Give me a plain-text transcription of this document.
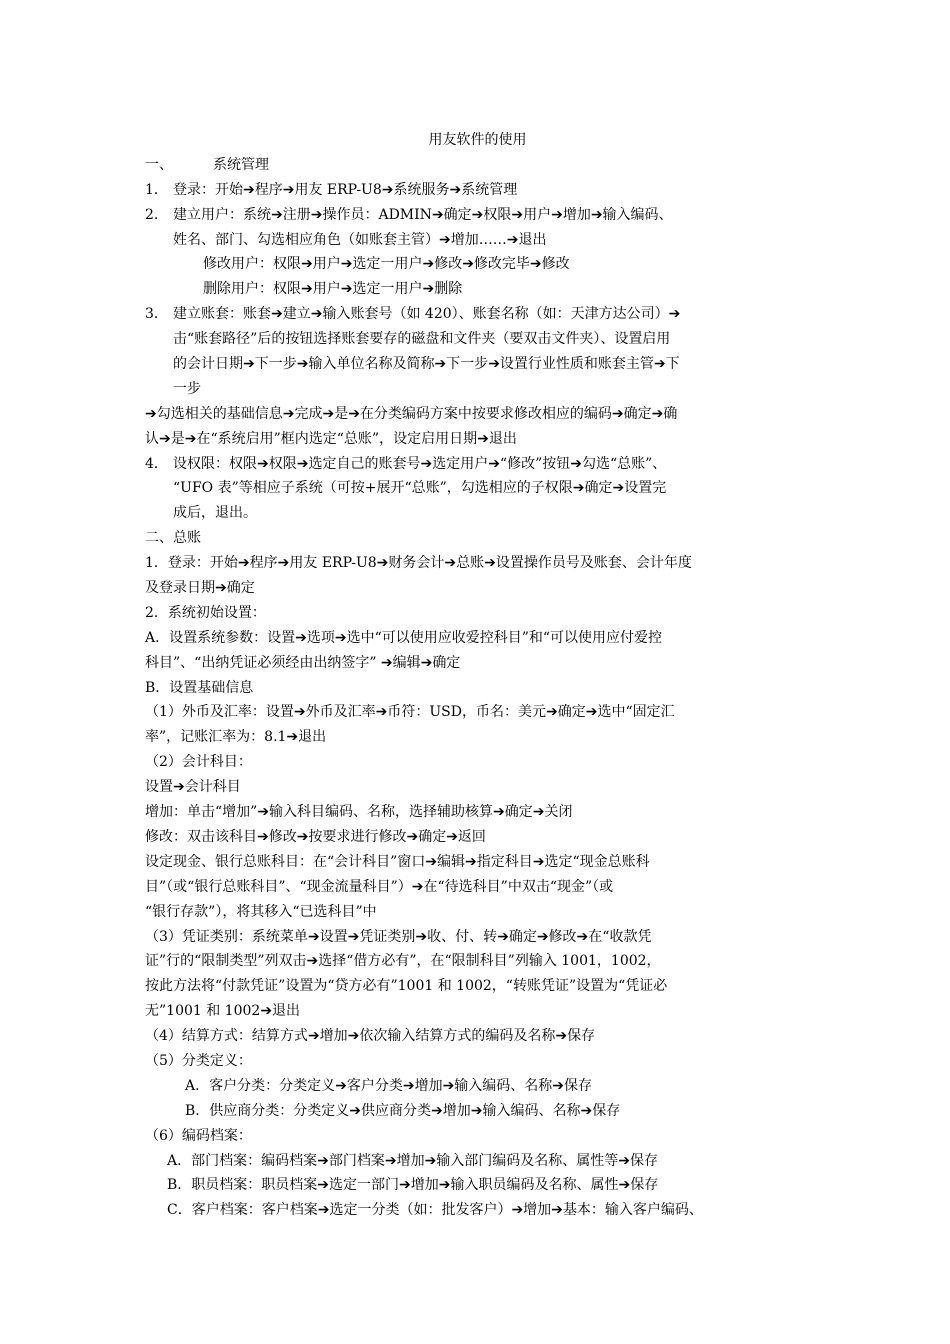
用友软件的使用
一、	系统管理
1． 登录：开始➔程序➔用友 ERP-U8➔系统服务➔系统管理
2． 建立用户：系统➔注册➔操作员：ADMIN➔确定➔权限➔用户➔增加➔输入编码、
姓名、部门、勾选相应角色（如账套主管）➔增加……➔退出
修改用户：权限➔用户➔选定一用户➔修改➔修改完毕➔修改
删除用户：权限➔用户➔选定一用户➔删除
3． 建立账套：账套➔建立➔输入账套号（如 420）、账套名称（如：天津方达公司）➔
击“账套路径”后的按钮选择账套要存的磁盘和文件夹（要双击文件夹）、设置启用
的会计日期➔下一步➔输入单位名称及简称➔下一步➔设置行业性质和账套主管➔下
一步
➔勾选相关的基础信息➔完成➔是➔在分类编码方案中按要求修改相应的编码➔确定➔确
认➔是➔在“系统启用”框内选定“总账”，设定启用日期➔退出
4． 设权限：权限➔权限➔选定自己的账套号➔选定用户➔“修改”按钮➔勾选“总账”、
“UFO 表”等相应子系统（可按+展开“总账”，勾选相应的子权限➔确定➔设置完
成后，退出。
二、总账
1．登录：开始➔程序➔用友 ERP-U8➔财务会计➔总账➔设置操作员号及账套、会计年度
及登录日期➔确定
2．系统初始设置：
A．设置系统参数：设置➔选项➔选中“可以使用应收爱控科目”和“可以使用应付爱控
科目”、“出纳凭证必须经由出纳签字” ➔编辑➔确定
B．设置基础信息
（1）外币及汇率：设置➔外币及汇率➔币符：USD，币名：美元➔确定➔选中“固定汇
率”，记账汇率为：8.1➔退出
（2）会计科目：
设置➔会计科目
增加：单击“增加”➔输入科目编码、名称，选择辅助核算➔确定➔关闭
修改：双击该科目➔修改➔按要求进行修改➔确定➔返回
设定现金、银行总账科目：在“会计科目”窗口➔编辑➔指定科目➔选定“现金总账科
目”（或“银行总账科目”、“现金流量科目”）➔在“待选科目”中双击“现金”（或
“银行存款”），将其移入“已选科目”中
（3）凭证类别：系统菜单➔设置➔凭证类别➔收、付、转➔确定➔修改➔在“收款凭
证”行的“限制类型”列双击➔选择“借方必有”，在“限制科目”列输入 1001，1002，
按此方法将“付款凭证”设置为“贷方必有”1001 和 1002，“转账凭证”设置为“凭证必
无”1001 和 1002➔退出
（4）结算方式：结算方式➔增加➔依次输入结算方式的编码及名称➔保存
（5）分类定义：
A．客户分类：分类定义➔客户分类➔增加➔输入编码、名称➔保存
B．供应商分类：分类定义➔供应商分类➔增加➔输入编码、名称➔保存
（6）编码档案：
A．部门档案：编码档案➔部门档案➔增加➔输入部门编码及名称、属性等➔保存
B．职员档案：职员档案➔选定一部门➔增加➔输入职员编码及名称、属性➔保存
C．客户档案：客户档案➔选定一分类（如：批发客户）➔增加➔基本：输入客户编码、
